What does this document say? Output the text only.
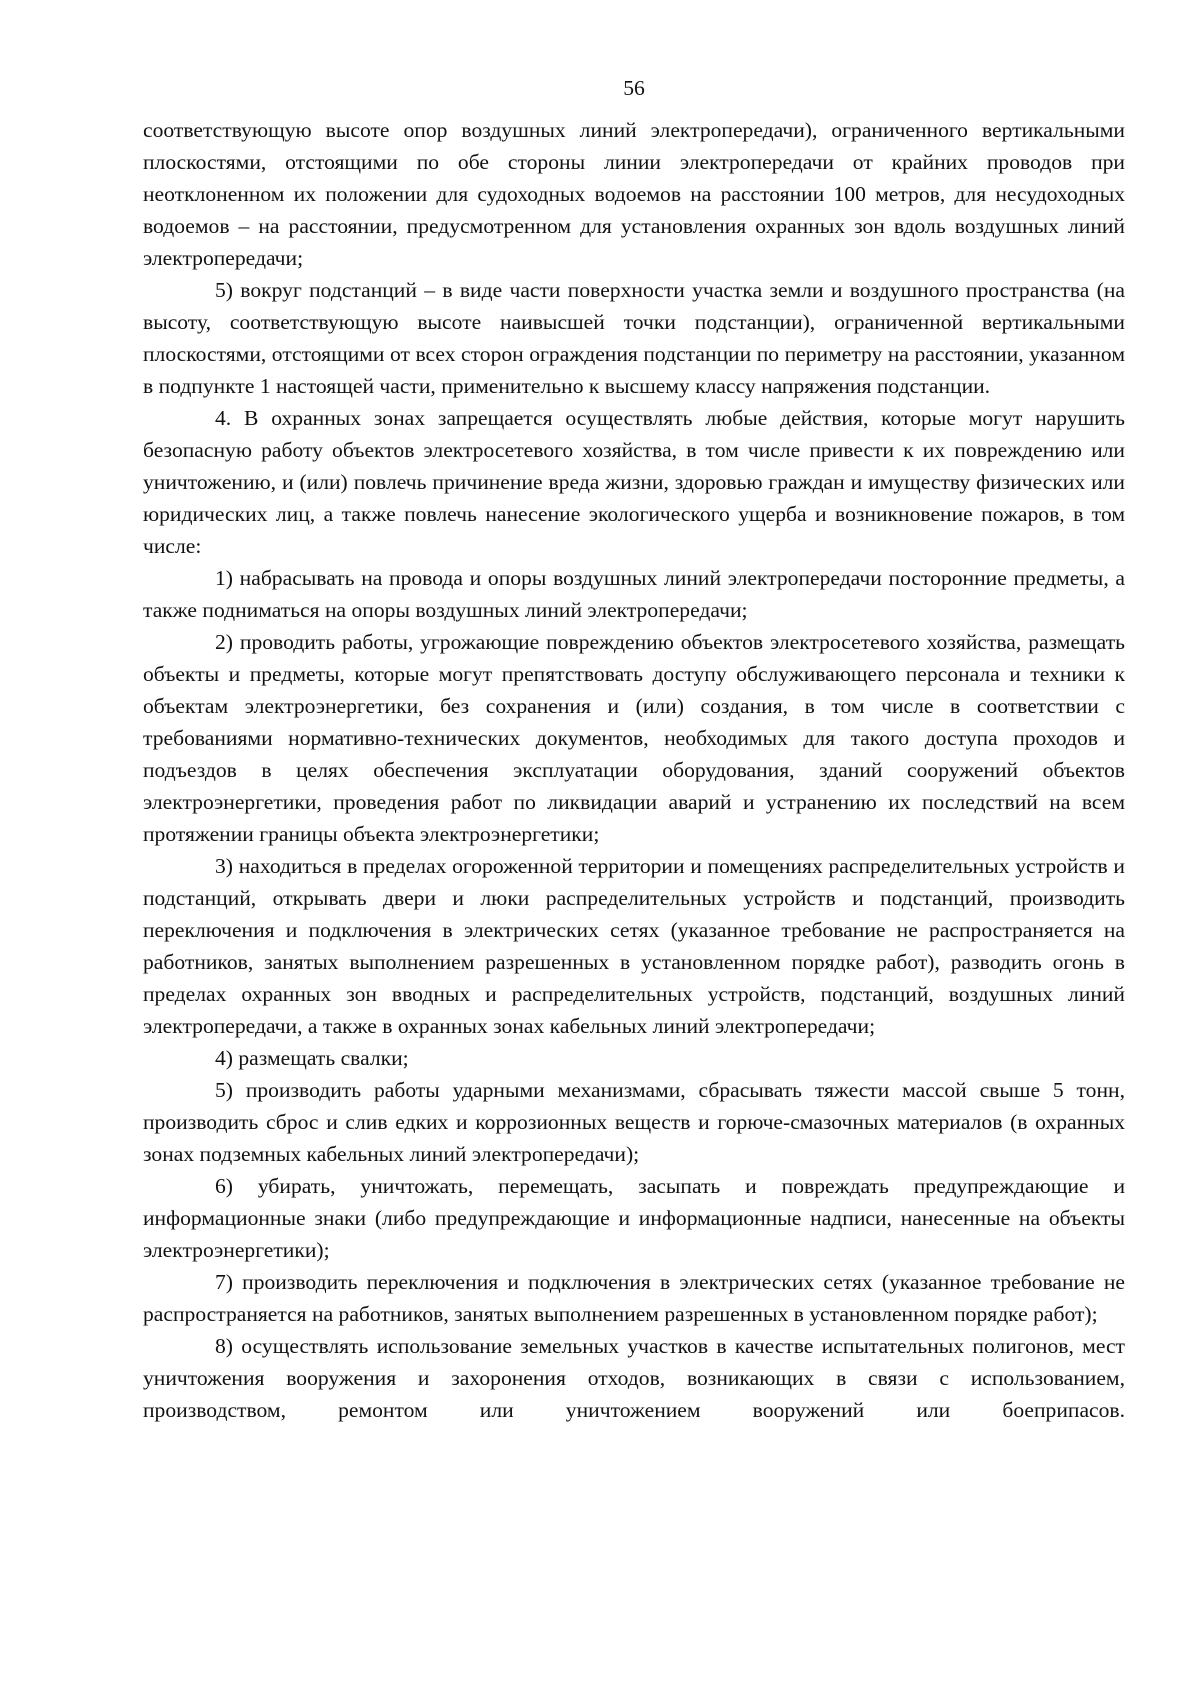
56

соответствующую высоте опор воздушных линий электропередачи), ограниченного вертикальными плоскостями, отстоящими по обе стороны линии электропередачи от крайних проводов при неотклоненном их положении для судоходных водоемов на расстоянии 100 метров, для несудоходных водоемов – на расстоянии, предусмотренном для установления охранных зон вдоль воздушных линий электропередачи;

5) вокруг подстанций – в виде части поверхности участка земли и воздушного пространства (на высоту, соответствующую высоте наивысшей точки подстанции), ограниченной вертикальными плоскостями, отстоящими от всех сторон ограждения подстанции по периметру на расстоянии, указанном в подпункте 1 настоящей части, применительно к высшему классу напряжения подстанции.

4. В охранных зонах запрещается осуществлять любые действия, которые могут нарушить безопасную работу объектов электросетевого хозяйства, в том числе привести к их повреждению или уничтожению, и (или) повлечь причинение вреда жизни, здоровью граждан и имуществу физических или юридических лиц, а также повлечь нанесение экологического ущерба и возникновение пожаров, в том числе:

1) набрасывать на провода и опоры воздушных линий электропередачи посторонние предметы, а также подниматься на опоры воздушных линий электропередачи;

2) проводить работы, угрожающие повреждению объектов электросетевого хозяйства, размещать объекты и предметы, которые могут препятствовать доступу обслуживающего персонала и техники к объектам электроэнергетики, без сохранения и (или) создания, в том числе в соответствии с требованиями нормативно-технических документов, необходимых для такого доступа проходов и подъездов в целях обеспечения эксплуатации оборудования, зданий сооружений объектов электроэнергетики, проведения работ по ликвидации аварий и устранению их последствий на всем протяжении границы объекта электроэнергетики;

3) находиться в пределах огороженной территории и помещениях распределительных устройств и подстанций, открывать двери и люки распределительных устройств и подстанций, производить переключения и подключения в электрических сетях (указанное требование не распространяется на работников, занятых выполнением разрешенных в установленном порядке работ), разводить огонь в пределах охранных зон вводных и распределительных устройств, подстанций, воздушных линий электропередачи, а также в охранных зонах кабельных линий электропередачи;

4) размещать свалки;

5) производить работы ударными механизмами, сбрасывать тяжести массой свыше 5 тонн, производить сброс и слив едких и коррозионных веществ и горюче-смазочных материалов (в охранных зонах подземных кабельных линий электропередачи);

6) убирать, уничтожать, перемещать, засыпать и повреждать предупреждающие и информационные знаки (либо предупреждающие и информационные надписи, нанесенные на объекты электроэнергетики);

7) производить переключения и подключения в электрических сетях (указанное требование не распространяется на работников, занятых выполнением разрешенных в установленном порядке работ);

8) осуществлять использование земельных участков в качестве испытательных полигонов, мест уничтожения вооружения и захоронения отходов, возникающих в связи с использованием, производством, ремонтом или уничтожением вооружений или боеприпасов.
